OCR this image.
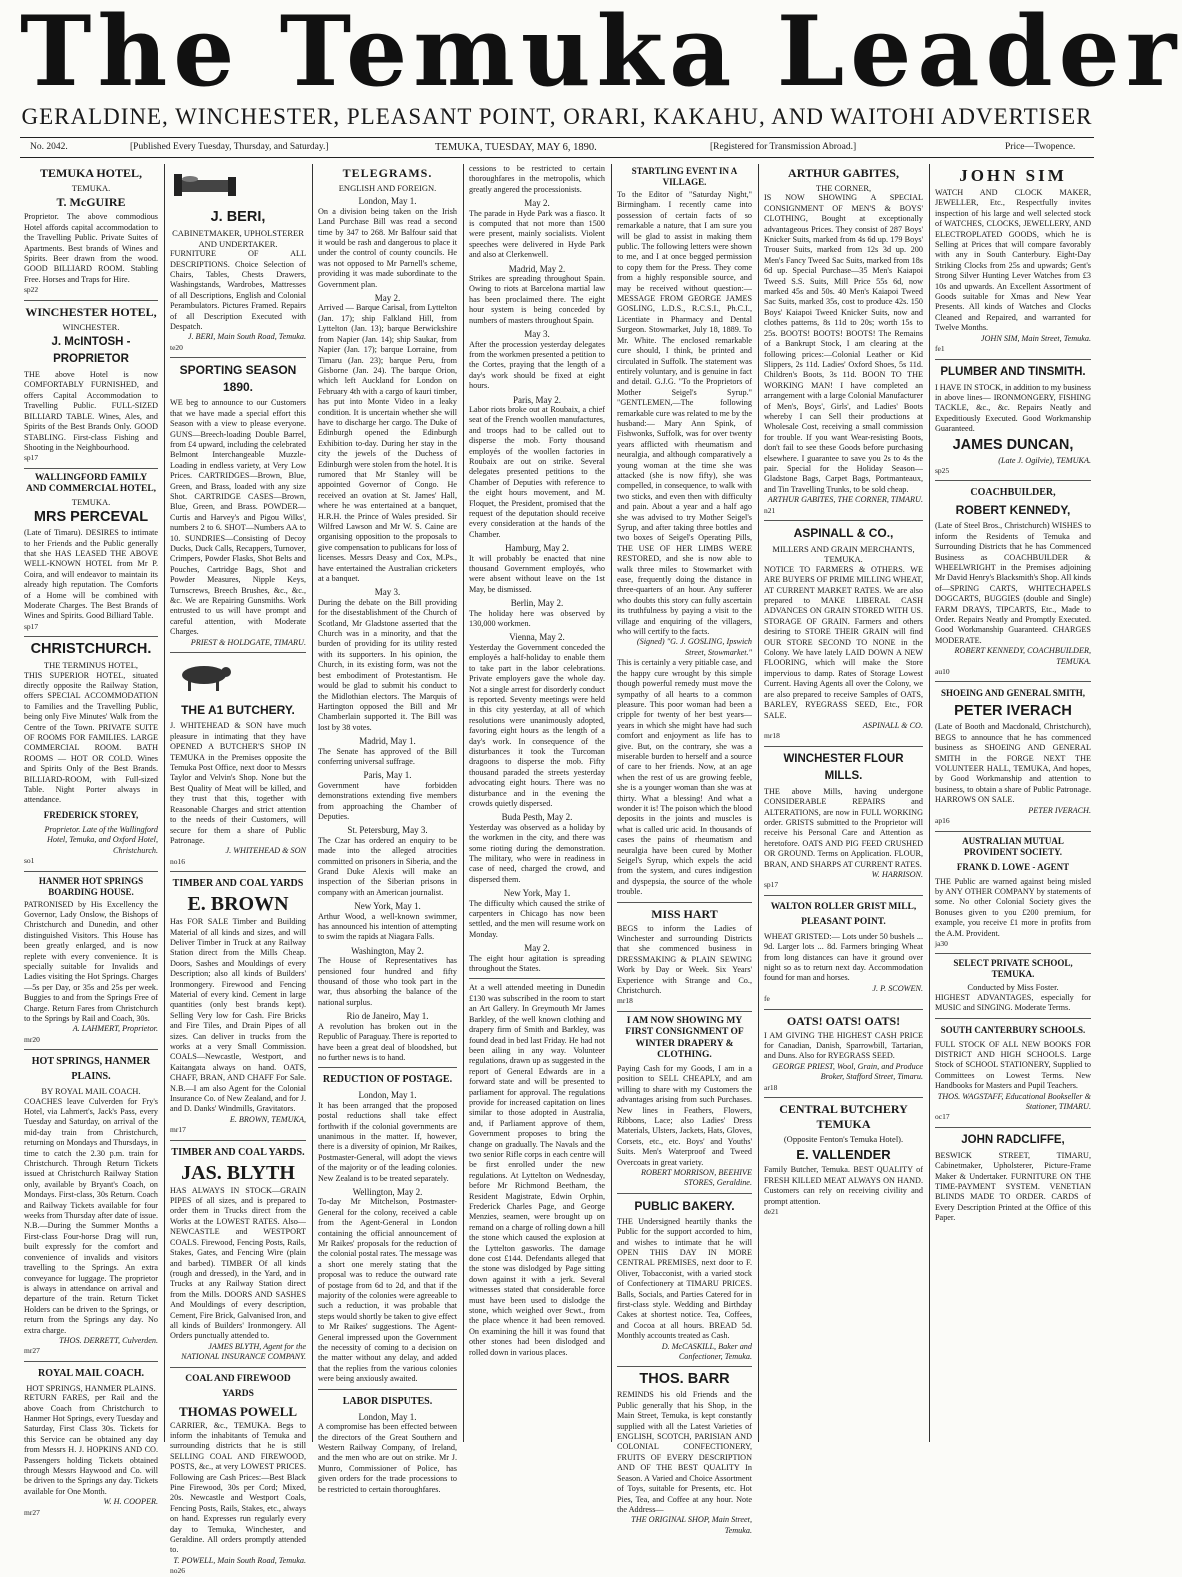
The Temuka Leader
GERALDINE, WINCHESTER, PLEASANT POINT, ORARI, KAKAHU, AND WAITOHI ADVERTISER
No. 2042.	[Published Every Tuesday, Thursday, and Saturday.]	TEMUKA, TUESDAY, MAY 6, 1890.	[Registered for Transmission Abroad.]	Price—Twopence.
TEMUKA HOTEL,
TEMUKA.
T. McGUIRE
Proprietor. The above commodious Hotel affords capital accommodation to the Travelling Public. Private Suites of Apartments. Best brands of Wines and Spirits. Beer drawn from the wood. GOOD BILLIARD ROOM. Stabling Free. Horses and Traps for Hire.
sp22
WINCHESTER HOTEL,
WINCHESTER.
J. McINTOSH - PROPRIETOR
THE above Hotel is now COMFORTABLY FURNISHED, and offers Capital Accommodation to Travelling Public. FULL-SIZED BILLIARD TABLE. Wines, Ales, and Spirits of the Best Brands Only. GOOD STABLING. First-class Fishing and Shooting in the Neighbourhood.
sp17
WALLINGFORD FAMILY AND COMMERCIAL HOTEL,
TEMUKA.
MRS PERCEVAL
(Late of Timaru). DESIRES to intimate to her Friends and the Public generally that she HAS LEASED THE ABOVE WELL-KNOWN HOTEL from Mr P. Coira, and will endeavor to maintain its already high reputation. The Comforts of a Home will be combined with Moderate Charges. The Best Brands of Wines and Spirits. Good Billiard Table.
sp17
CHRISTCHURCH.
THE TERMINUS HOTEL,
THIS SUPERIOR HOTEL, situated directly opposite the Railway Station, offers SPECIAL ACCOMMODATION to Families and the Travelling Public, being only Five Minutes' Walk from the Centre of the Town. PRIVATE SUITE OF ROOMS FOR FAMILIES. LARGE COMMERCIAL ROOM. BATH ROOMS — HOT OR COLD. Wines and Spirits Only of the Best Brands. BILLIARD-ROOM, with Full-sized Table. Night Porter always in attendance.
FREDERICK STOREY,
Proprietor. Late of the Wallingford Hotel, Temuka, and Oxford Hotel, Christchurch.
so1
HANMER HOT SPRINGS BOARDING HOUSE.
PATRONISED by His Excellency the Governor, Lady Onslow, the Bishops of Christchurch and Dunedin, and other distinguished Visitors. This House has been greatly enlarged, and is now replete with every convenience. It is specially suitable for Invalids and Ladies visiting the Hot Springs. Charges—5s per Day, or 35s and 25s per week. Buggies to and from the Springs Free of Charge. Return Fares from Christchurch to the Springs by Rail and Coach, 30s.
A. LAHMERT, Proprietor.
mr20
HOT SPRINGS, HANMER PLAINS.
BY ROYAL MAIL COACH.
COACHES leave Culverden for Fry's Hotel, via Lahmert's, Jack's Pass, every Tuesday and Saturday, on arrival of the mid-day train from Christchurch, returning on Mondays and Thursdays, in time to catch the 2.30 p.m. train for Christchurch. Through Return Tickets issued at Christchurch Railway Station only, available by Bryant's Coach, on Mondays. First-class, 30s Return. Coach and Railway Tickets available for four weeks from Thursday after date of issue. N.B.—During the Summer Months a First-class Four-horse Drag will run, built expressly for the comfort and convenience of invalids and visitors travelling to the Springs. An extra conveyance for luggage. The proprietor is always in attendance on arrival and departure of the train. Return Ticket Holders can be driven to the Springs, or return from the Springs any day. No extra charge.
THOS. DERRETT, Culverden.
mr27
ROYAL MAIL COACH.
HOT SPRINGS, HANMER PLAINS.
RETURN FARES, per Rail and the above Coach from Christchurch to Hanmer Hot Springs, every Tuesday and Saturday, First Class 30s. Tickets for this Service can be obtained any day from Messrs H. J. HOPKINS AND CO. Passengers holding Tickets obtained through Messrs Haywood and Co. will be driven to the Springs any day. Tickets available for One Month.
W. H. COOPER.
mr27
J. BERI,
CABINETMAKER, UPHOLSTERER AND UNDERTAKER.
FURNITURE OF ALL DESCRIPTIONS. Choice Selection of Chairs, Tables, Chests Drawers, Washingstands, Wardrobes, Mattresses of all Descriptions, English and Colonial Perambulators. Pictures Framed. Repairs of all Description Executed with Despatch.
J. BERI, Main South Road, Temuka.
te20
SPORTING SEASON 1890.
WE beg to announce to our Customers that we have made a special effort this Season with a view to please everyone. GUNS—Breech-loading Double Barrel, from £4 upward, including the celebrated Belmont Interchangeable Muzzle-Loading in endless variety, at Very Low Prices. CARTRIDGES—Brown, Blue, Green, and Brass, loaded with any size Shot. CARTRIDGE CASES—Brown, Blue, Green, and Brass. POWDER—Curtis and Harvey's and Pigou Wilks', numbers 2 to 6. SHOT—Numbers AA to 10. SUNDRIES—Consisting of Decoy Ducks, Duck Calls, Recappers, Turnover, Crimpers, Powder Flasks, Shot Belts and Pouches, Cartridge Bags, Shot and Powder Measures, Nipple Keys, Turnscrews, Breech Brushes, &c., &c., &c. We are Repairing Gunsmiths. Work entrusted to us will have prompt and careful attention, with Moderate Charges.
PRIEST & HOLDGATE, TIMARU.
THE A1 BUTCHERY.
J. WHITEHEAD & SON have much pleasure in intimating that they have OPENED A BUTCHER'S SHOP IN TEMUKA in the Premises opposite the Temuka Post Office, next door to Messrs Taylor and Velvin's Shop. None but the Best Quality of Meat will be killed, and they trust that this, together with Reasonable Charges and strict attention to the needs of their Customers, will secure for them a share of Public Patronage.
J. WHITEHEAD & SON
no16
TIMBER AND COAL YARDS
E. BROWN
Has FOR SALE Timber and Building Material of all kinds and sizes, and will Deliver Timber in Truck at any Railway Station direct from the Mills Cheap. Doors, Sashes and Mouldings of every Description; also all kinds of Builders' Ironmongery. Firewood and Fencing Material of every kind. Cement in large quantities (only best brands kept). Selling Very low for Cash. Fire Bricks and Fire Tiles, and Drain Pipes of all sizes. Can deliver in trucks from the works at a very Small Commission. COALS—Newcastle, Westport, and Kaitangata always on hand. OATS, CHAFF, BRAN, AND CHAFF For Sale. N.B.—I am also Agent for the Colonial Insurance Co. of New Zealand, and for J. and D. Danks' Windmills, Gravitators.
E. BROWN, TEMUKA,
mr17
TIMBER AND COAL YARDS.
JAS. BLYTH
HAS ALWAYS IN STOCK—GRAIN PIPES of all sizes, and is prepared to order them in Trucks direct from the Works at the LOWEST RATES. Also—NEWCASTLE and WESTPORT COALS. Firewood, Fencing Posts, Rails, Stakes, Gates, and Fencing Wire (plain and barbed). TIMBER Of all kinds (rough and dressed), in the Yard, and in Trucks at any Railway Station direct from the Mills. DOORS AND SASHES And Mouldings of every description, Cement, Fire Brick, Galvanised Iron, and all kinds of Builders' Ironmongery. All Orders punctually attended to.
JAMES BLYTH, Agent for the NATIONAL INSURANCE COMPANY.
COAL AND FIREWOOD YARDS
THOMAS POWELL
CARRIER, &c., TEMUKA. Begs to inform the inhabitants of Temuka and surrounding districts that he is still SELLING COAL AND FIREWOOD, POSTS, &c., at very LOWEST PRICES. Following are Cash Prices:—Best Black Pine Firewood, 30s per Cord; Mixed, 20s. Newcastle and Westport Coals, Fencing Posts, Rails, Stakes, etc., always on hand. Expresses run regularly every day to Temuka, Winchester, and Geraldine. All orders promptly attended to.
T. POWELL, Main South Road, Temuka.
no26
TELEGRAMS.
ENGLISH AND FOREIGN.
London, May 1.
On a division being taken on the Irish Land Purchase Bill was read a second time by 347 to 268. Mr Balfour said that it would be rash and dangerous to place it under the control of county councils. He was not opposed to Mr Parnell's scheme, providing it was made subordinate to the Government plan.
May 2.
Arrived — Barque Carisal, from Lyttelton (Jan. 17); ship Falkland Hill, from Lyttelton (Jan. 13); barque Berwickshire from Napier (Jan. 14); ship Saukar, from Napier (Jan. 17); barque Lorraine, from Timaru (Jan. 23); barque Peru, from Gisborne (Jan. 24). The barque Orion, which left Auckland for London on February 4th with a cargo of kauri timber, has put into Monte Video in a leaky condition. It is uncertain whether she will have to discharge her cargo. The Duke of Edinburgh opened the Edinburgh Exhibition to-day. During her stay in the city the jewels of the Duchess of Edinburgh were stolen from the hotel. It is rumored that Mr Stanley will be appointed Governor of Congo. He received an ovation at St. James' Hall, where he was entertained at a banquet, H.R.H. the Prince of Wales presided. Sir Wilfred Lawson and Mr W. S. Caine are organising opposition to the proposals to give compensation to publicans for loss of licenses. Messrs Deasy and Cox, M.Ps., have entertained the Australian cricketers at a banquet.
May 3.
During the debate on the Bill providing for the disestablishment of the Church of Scotland, Mr Gladstone asserted that the Church was in a minority, and that the burden of providing for its utility rested with its supporters. In his opinion, the Church, in its existing form, was not the best embodiment of Protestantism. He would be glad to submit his conduct to the Midlothian electors. The Marquis of Hartington opposed the Bill and Mr Chamberlain supported it. The Bill was lost by 38 votes.
Madrid, May 1.
The Senate has approved of the Bill conferring universal suffrage.
Paris, May 1.
Government have forbidden demonstrations extending five members from approaching the Chamber of Deputies.
St. Petersburg, May 3.
The Czar has ordered an enquiry to be made into the alleged atrocities committed on prisoners in Siberia, and the Grand Duke Alexis will make an inspection of the Siberian prisons in company with an American journalist.
New York, May 1.
Arthur Wood, a well-known swimmer, has announced his intention of attempting to swim the rapids at Niagara Falls.
Washington, May 2.
The House of Representatives has pensioned four hundred and fifty thousand of those who took part in the war, thus absorbing the balance of the national surplus.
Rio de Janeiro, May 1.
A revolution has broken out in the Republic of Paraguay. There is reported to have been a great deal of bloodshed, but no further news is to hand.
REDUCTION OF POSTAGE.
London, May 1.
It has been arranged that the proposed postal reductions shall take effect forthwith if the colonial governments are unanimous in the matter. If, however, there is a diversity of opinion, Mr Raikes, Postmaster-General, will adopt the views of the majority or of the leading colonies. New Zealand is to be treated separately.
Wellington, May 2.
To-day Mr Mitchelson, Postmaster-General for the colony, received a cable from the Agent-General in London containing the official announcement of Mr Raikes' proposals for the reduction of the colonial postal rates. The message was a short one merely stating that the proposal was to reduce the outward rate of postage from 6d to 2d, and that if the majority of the colonies were agreeable to such a reduction, it was probable that steps would shortly be taken to give effect to Mr Raikes' suggestions. The Agent-General impressed upon the Government the necessity of coming to a decision on the matter without any delay, and added that the replies from the various colonies were being anxiously awaited.
LABOR DISPUTES.
London, May 1.
A compromise has been effected between the directors of the Great Southern and Western Railway Company, of Ireland, and the men who are out on strike. Mr J. Munro, Commissioner of Police, has given orders for the trade processions to be restricted to certain thoroughfares.
cessions to be restricted to certain thoroughfares in the metropolis, which greatly angered the processionists.
May 2.
The parade in Hyde Park was a fiasco. It is computed that not more than 1500 were present, mainly socialists. Violent speeches were delivered in Hyde Park and also at Clerkenwell.
Madrid, May 2.
Strikes are spreading throughout Spain. Owing to riots at Barcelona martial law has been proclaimed there. The eight hour system is being conceded by numbers of masters throughout Spain.
May 3.
After the procession yesterday delegates from the workmen presented a petition to the Cortes, praying that the length of a day's work should be fixed at eight hours.
Paris, May 2.
Labor riots broke out at Roubaix, a chief seat of the French woollen manufactures, and troops had to be called out to disperse the mob. Forty thousand employés of the woollen factories in Roubaix are out on strike. Several delegates presented petitions to the Chamber of Deputies with reference to the eight hours movement, and M. Floquet, the President, promised that the request of the deputation should receive every consideration at the hands of the Chamber.
Hamburg, May 2.
It will probably be enacted that nine thousand Government employés, who were absent without leave on the 1st May, be dismissed.
Berlin, May 2.
The holiday here was observed by 130,000 workmen.
Vienna, May 2.
Yesterday the Government conceded the employés a half-holiday to enable them to take part in the labor celebrations. Private employers gave the whole day. Not a single arrest for disorderly conduct is reported. Seventy meetings were held in this city yesterday, at all of which resolutions were unanimously adopted, favoring eight hours as the length of a day's work. In consequence of the disturbances it took the Turcoman dragoons to disperse the mob. Fifty thousand paraded the streets yesterday advocating eight hours. There was no disturbance and in the evening the crowds quietly dispersed.
Buda Pesth, May 2.
Yesterday was observed as a holiday by the workmen in the city, and there was some rioting during the demonstration. The military, who were in readiness in case of need, charged the crowd, and dispersed them.
New York, May 1.
The difficulty which caused the strike of carpenters in Chicago has now been settled, and the men will resume work on Monday.
May 2.
The eight hour agitation is spreading throughout the States.
At a well attended meeting in Dunedin £130 was subscribed in the room to start an Art Gallery. In Greymouth Mr James Barkley, of the well known clothing and drapery firm of Smith and Barkley, was found dead in bed last Friday. He had not been ailing in any way. Volunteer regulations, drawn up as suggested in the report of General Edwards are in a forward state and will be presented to parliament for approval. The regulations provide for increased capitation on lines similar to those adopted in Australia, and, if Parliament approve of them, Government proposes to bring the change on gradually. The Navals and the two senior Rifle corps in each centre will be first enrolled under the new regulations. At Lyttelton on Wednesday, before Mr Richmond Beetham, the Resident Magistrate, Edwin Orphin, Frederick Charles Page, and George Menzies, seamen, were brought up on remand on a charge of rolling down a hill the stone which caused the explosion at the Lyttelton gasworks. The damage done cost £144. Defendants alleged that the stone was dislodged by Page sitting down against it with a jerk. Several witnesses stated that considerable force must have been used to dislodge the stone, which weighed over 9cwt., from the place whence it had been removed. On examining the hill it was found that other stones had been dislodged and rolled down in various places.
STARTLING EVENT IN A VILLAGE.
To the Editor of "Saturday Night," Birmingham. I recently came into possession of certain facts of so remarkable a nature, that I am sure you will be glad to assist in making them public. The following letters were shown to me, and I at once begged permission to copy them for the Press. They come from a highly responsible source, and may be received without question:— MESSAGE FROM GEORGE JAMES GOSLING, L.D.S., R.C.S.I., Ph.C.I., Licentiate in Pharmacy and Dental Surgeon. Stowmarket, July 18, 1889. To Mr. White. The enclosed remarkable cure should, I think, be printed and circulated in Suffolk. The statement was entirely voluntary, and is genuine in fact and detail. G.J.G. "To the Proprietors of Mother Seigel's Syrup." "GENTLEMEN,—The following remarkable cure was related to me by the husband:— Mary Ann Spink, of Fishwonks, Suffolk, was for over twenty years afflicted with rheumatism and neuralgia, and although comparatively a young woman at the time she was attacked (she is now fifty), she was compelled, in consequence, to walk with two sticks, and even then with difficulty and pain. About a year and a half ago she was advised to try Mother Seigel's Syrup, and after taking three bottles and two boxes of Seigel's Operating Pills, THE USE OF HER LIMBS WERE RESTORED, and she is now able to walk three miles to Stowmarket with ease, frequently doing the distance in three-quarters of an hour. Any sufferer who doubts this story can fully ascertain its truthfulness by paying a visit to the village and enquiring of the villagers, who will certify to the facts.
(Signed) "G. J. GOSLING, Ipswich Street, Stowmarket."
This is certainly a very pitiable case, and the happy cure wrought by this simple though powerful remedy must move the sympathy of all hearts to a common pleasure. This poor woman had been a cripple for twenty of her best years—years in which she might have had such comfort and enjoyment as life has to give. But, on the contrary, she was a miserable burden to herself and a source of care to her friends. Now, at an age when the rest of us are growing feeble, she is a younger woman than she was at thirty. What a blessing! And what a wonder it is! The poison which the blood deposits in the joints and muscles is what is called uric acid. In thousands of cases the pains of rheumatism and neuralgia have been cured by Mother Seigel's Syrup, which expels the acid from the system, and cures indigestion and dyspepsia, the source of the whole trouble.
MISS HART
BEGS to inform the Ladies of Winchester and surrounding Districts that she commenced business in DRESSMAKING & PLAIN SEWING Work by Day or Week. Six Years' Experience with Strange and Co., Christchurch.
mr18
I AM NOW SHOWING MY FIRST CONSIGNMENT OF WINTER DRAPERY & CLOTHING.
Paying Cash for my Goods, I am in a position to SELL CHEAPLY, and am willing to share with my Customers the advantages arising from such Purchases. New lines in Feathers, Flowers, Ribbons, Lace; also Ladies' Dress Materials, Ulsters, Jackets, Hats, Gloves, Corsets, etc., etc. Boys' and Youths' Suits. Men's Waterproof and Tweed Overcoats in great variety.
ROBERT MORRISON, BEEHIVE STORES, Geraldine.
PUBLIC BAKERY.
THE Undersigned heartily thanks the Public for the support accorded to him, and wishes to intimate that he will OPEN THIS DAY IN MORE CENTRAL PREMISES, next door to F. Oliver, Tobacconist, with a varied stock of Confectionery at TIMARU PRICES. Balls, Socials, and Parties Catered for in first-class style. Wedding and Birthday Cakes at shortest notice. Tea, Coffees, and Cocoa at all hours. BREAD 5d. Monthly accounts treated as Cash.
D. McCASKILL, Baker and Confectioner, Temuka.
THOS. BARR
REMINDS his old Friends and the Public generally that his Shop, in the Main Street, Temuka, is kept constantly supplied with all the Latest Varieties of ENGLISH, SCOTCH, PARISIAN AND COLONIAL CONFECTIONERY, FRUITS OF EVERY DESCRIPTION AND OF THE BEST QUALITY In Season. A Varied and Choice Assortment of Toys, suitable for Presents, etc. Hot Pies, Tea, and Coffee at any hour. Note the Address—
THE ORIGINAL SHOP, Main Street, Temuka.
ARTHUR GABITES,
THE CORNER,
IS NOW SHOWING A SPECIAL CONSIGNMENT OF MEN'S & BOYS' CLOTHING, Bought at exceptionally advantageous Prices. They consist of 287 Boys' Knicker Suits, marked from 4s 6d up. 179 Boys' Trouser Suits, marked from 12s 3d up. 200 Men's Fancy Tweed Sac Suits, marked from 18s 6d up. Special Purchase—35 Men's Kaiapoi Tweed S.S. Suits, Mill Price 55s 6d, now marked 45s and 50s. 40 Men's Kaiapoi Tweed Sac Suits, marked 35s, cost to produce 42s. 150 Boys' Kaiapoi Tweed Knicker Suits, now and clothes patterns, 8s 11d to 20s; worth 15s to 25s. BOOTS! BOOTS! BOOTS! The Remains of a Bankrupt Stock, I am clearing at the following prices:—Colonial Leather or Kid Slippers, 2s 11d. Ladies' Oxford Shoes, 5s 11d. Children's Boots, 3s 11d. BOON TO THE WORKING MAN! I have completed an arrangement with a large Colonial Manufacturer of Men's, Boys', Girls', and Ladies' Boots whereby I can Sell their productions at Wholesale Cost, receiving a small commission for trouble. If you want Wear-resisting Boots, don't fail to see these Goods before purchasing elsewhere. I guarantee to save you 2s to 4s the pair. Special for the Holiday Season—Gladstone Bags, Carpet Bags, Portmanteaux, and Tin Travelling Trunks, to be sold cheap.
ARTHUR GABITES, THE CORNER, TIMARU.
n21
ASPINALL & CO.,
MILLERS AND GRAIN MERCHANTS, TEMUKA.
NOTICE TO FARMERS & OTHERS. WE ARE BUYERS OF PRIME MILLING WHEAT, AT CURRENT MARKET RATES. We are also prepared to MAKE LIBERAL CASH ADVANCES ON GRAIN STORED WITH US. STORAGE OF GRAIN. Farmers and others desiring to STORE THEIR GRAIN will find OUR STORE SECOND TO NONE in the Colony. We have lately LAID DOWN A NEW FLOORING, which will make the Store impervious to damp. Rates of Storage Lowest Current. Having Agents all over the Colony, we are also prepared to receive Samples of OATS, BARLEY, RYEGRASS SEED, Etc., FOR SALE.
ASPINALL & CO.
mr18
WINCHESTER FLOUR MILLS.
THE above Mills, having undergone CONSIDERABLE REPAIRS and ALTERATIONS, are now in FULL WORKING order. GRISTS submitted to the Proprietor will receive his Personal Care and Attention as heretofore. OATS AND PIG FEED CRUSHED OR GROUND. Terms on Application. FLOUR, BRAN, AND SHARPS AT CURRENT RATES.
W. HARRISON.
sp17
WALTON ROLLER GRIST MILL, PLEASANT POINT.
WHEAT GRISTED:— Lots under 50 bushels ... 9d. Larger lots ... 8d. Farmers bringing Wheat from long distances can have it ground over night so as to return next day. Accommodation found for man and horses.
J. P. SCOWEN.
fe
OATS! OATS! OATS!
I AM GIVING THE HIGHEST CASH PRICE for Canadian, Danish, Sparrowbill, Tartarian, and Duns. Also for RYEGRASS SEED.
GEORGE PRIEST, Wool, Grain, and Produce Broker, Stafford Street, Timaru.
ar18
CENTRAL BUTCHERY TEMUKA
(Opposite Fenton's Temuka Hotel).
E. VALLENDER
Family Butcher, Temuka. BEST QUALITY of FRESH KILLED MEAT ALWAYS ON HAND. Customers can rely on receiving civility and prompt attention.
de21
JOHN SIM
WATCH AND CLOCK MAKER, JEWELLER, Etc., Respectfully invites inspection of his large and well selected stock of WATCHES, CLOCKS, JEWELLERY, AND ELECTROPLATED GOODS, which he is Selling at Prices that will compare favorably with any in South Canterbury. Eight-Day Striking Clocks from 25s and upwards; Gent's Strong Silver Hunting Lever Watches from £3 10s and upwards. An Excellent Assortment of Goods suitable for Xmas and New Year Presents. All kinds of Watches and Clocks Cleaned and Repaired, and warranted for Twelve Months.
JOHN SIM, Main Street, Temuka.
fe1
PLUMBER AND TINSMITH.
I HAVE IN STOCK, in addition to my business in above lines— IRONMONGERY, FISHING TACKLE, &c., &c. Repairs Neatly and Expeditiously Executed. Good Workmanship Guaranteed.
JAMES DUNCAN,
(Late J. Ogilvie), TEMUKA.
sp25
COACHBUILDER,
ROBERT KENNEDY,
(Late of Steel Bros., Christchurch) WISHES to inform the Residents of Temuka and Surrounding Districts that he has Commenced Business as COACHBUILDER & WHEELWRIGHT in the Premises adjoining Mr David Henry's Blacksmith's Shop. All kinds of—SPRING CARTS, WHITECHAPELS DOGCARTS, BUGGIES (double and Single) FARM DRAYS, TIPCARTS, Etc., Made to Order. Repairs Neatly and Promptly Executed. Good Workmanship Guaranteed. CHARGES MODERATE.
ROBERT KENNEDY, COACHBUILDER, TEMUKA.
au10
SHOEING AND GENERAL SMITH,
PETER IVERACH
(Late of Booth and Macdonald, Christchurch), BEGS to announce that he has commenced business as SHOEING AND GENERAL SMITH in the FORGE NEXT THE VOLUNTEER HALL, TEMUKA, And hopes, by Good Workmanship and attention to business, to obtain a share of Public Patronage. HARROWS ON SALE.
PETER IVERACH.
ap16
AUSTRALIAN MUTUAL PROVIDENT SOCIETY.
FRANK D. LOWE - AGENT
THE Public are warned against being misled by ANY OTHER COMPANY by statements of some. No other Colonial Society gives the Bonuses given to you £200 premium, for example, you receive £1 more in profits from the A.M. Provident.
ja30
SELECT PRIVATE SCHOOL, TEMUKA.
Conducted by Miss Foster.
HIGHEST ADVANTAGES, especially for MUSIC and SINGING. Moderate Terms.
SOUTH CANTERBURY SCHOOLS.
FULL STOCK OF ALL NEW BOOKS FOR DISTRICT AND HIGH SCHOOLS. Large Stock of SCHOOL STATIONERY, Supplied to Committees on Lowest Terms. New Handbooks for Masters and Pupil Teachers.
THOS. WAGSTAFF, Educational Bookseller & Stationer, TIMARU.
oc17
JOHN RADCLIFFE,
BESWICK STREET, TIMARU, Cabinetmaker, Upholsterer, Picture-Frame Maker & Undertaker. FURNITURE ON THE TIME-PAYMENT SYSTEM. VENETIAN BLINDS MADE TO ORDER. CARDS of Every Description Printed at the Office of this Paper.
